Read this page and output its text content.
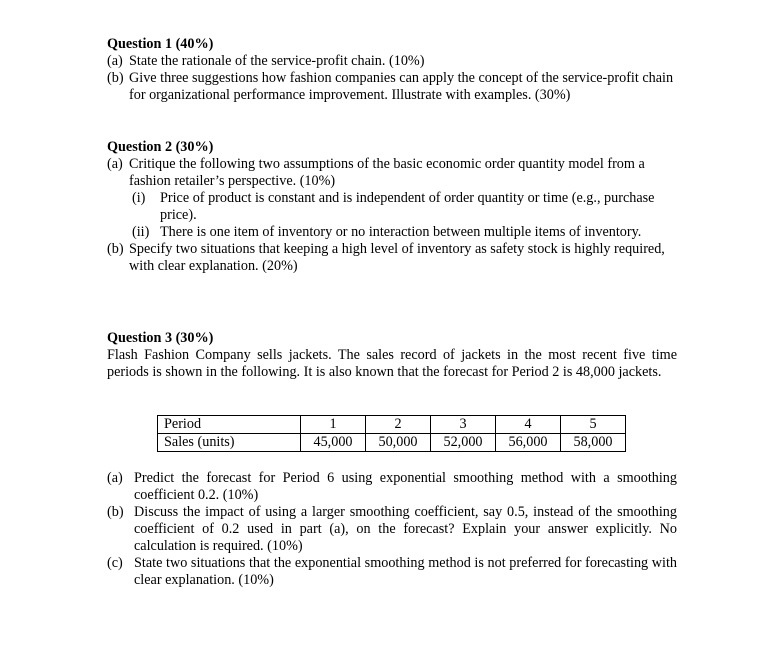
Question 1 (40%)
(a) State the rationale of the service-profit chain. (10%)
(b) Give three suggestions how fashion companies can apply the concept of the service-profit chain for organizational performance improvement. Illustrate with examples. (30%)
Question 2 (30%)
(a) Critique the following two assumptions of the basic economic order quantity model from a fashion retailer’s perspective. (10%)
(i) Price of product is constant and is independent of order quantity or time (e.g., purchase price).
(ii) There is one item of inventory or no interaction between multiple items of inventory.
(b) Specify two situations that keeping a high level of inventory as safety stock is highly required, with clear explanation. (20%)
Question 3 (30%)
Flash Fashion Company sells jackets. The sales record of jackets in the most recent five time periods is shown in the following. It is also known that the forecast for Period 2 is 48,000 jackets.
Period	1	2	3	4	5
Sales (units)	45,000	50,000	52,000	56,000	58,000
(a) Predict the forecast for Period 6 using exponential smoothing method with a smoothing coefficient 0.2. (10%)
(b) Discuss the impact of using a larger smoothing coefficient, say 0.5, instead of the smoothing coefficient of 0.2 used in part (a), on the forecast? Explain your answer explicitly. No calculation is required. (10%)
(c) State two situations that the exponential smoothing method is not preferred for forecasting with clear explanation. (10%)
